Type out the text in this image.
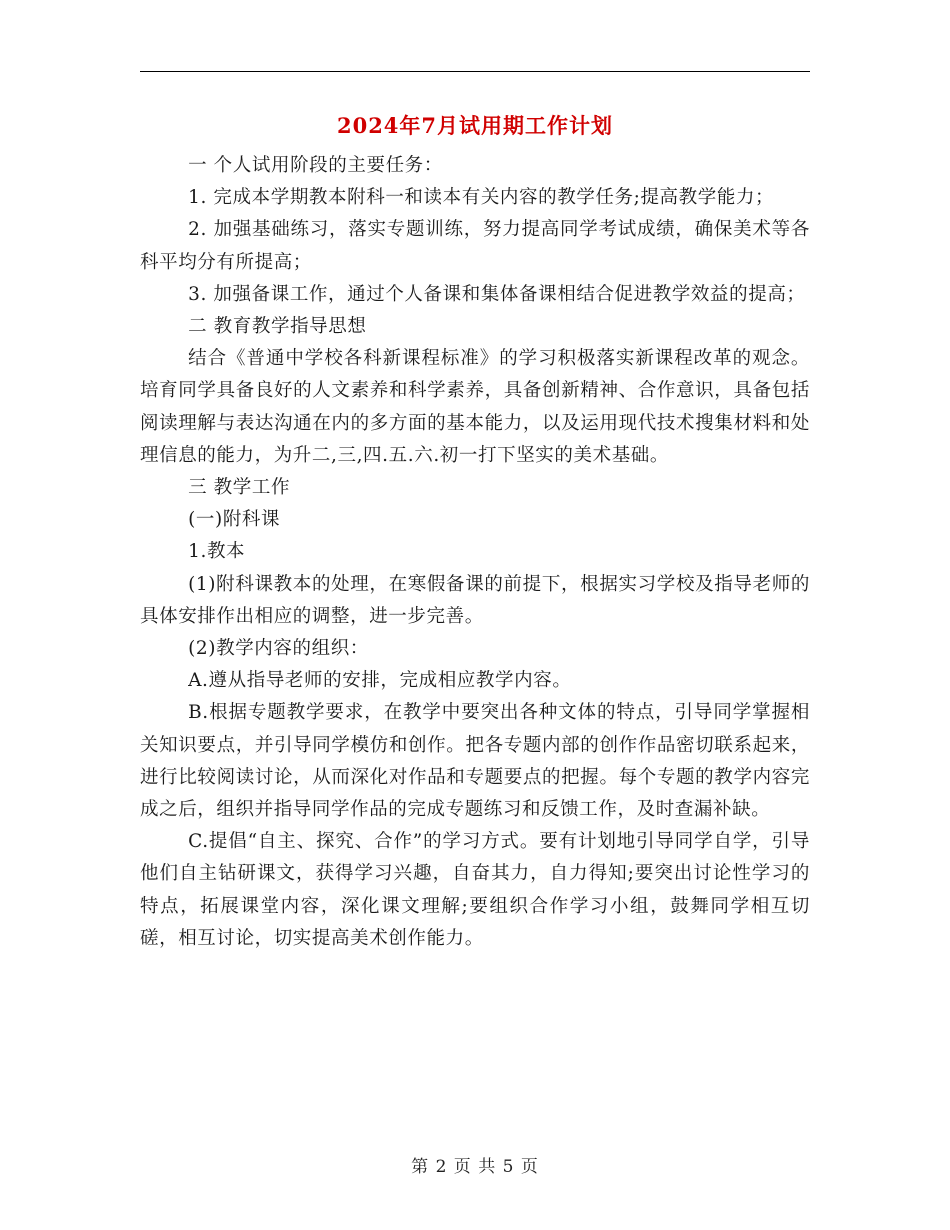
2024年7月试用期工作计划

一 个人试用阶段的主要任务：

1. 完成本学期教本附科一和读本有关内容的教学任务;提高教学能力；

2. 加强基础练习，落实专题训练，努力提高同学考试成绩，确保美术等各科平均分有所提高；

3. 加强备课工作，通过个人备课和集体备课相结合促进教学效益的提高；

二 教育教学指导思想

结合《普通中学校各科新课程标准》的学习积极落实新课程改革的观念。培育同学具备良好的人文素养和科学素养，具备创新精神、合作意识，具备包括阅读理解与表达沟通在内的多方面的基本能力，以及运用现代技术搜集材料和处理信息的能力，为升二,三,四.五.六.初一打下坚实的美术基础。

三 教学工作

(一)附科课

1.教本

(1)附科课教本的处理，在寒假备课的前提下，根据实习学校及指导老师的具体安排作出相应的调整，进一步完善。

(2)教学内容的组织：

A.遵从指导老师的安排，完成相应教学内容。

B.根据专题教学要求，在教学中要突出各种文体的特点，引导同学掌握相关知识要点，并引导同学模仿和创作。把各专题内部的创作作品密切联系起来，进行比较阅读讨论，从而深化对作品和专题要点的把握。每个专题的教学内容完成之后，组织并指导同学作品的完成专题练习和反馈工作，及时查漏补缺。

C.提倡“自主、探究、合作”的学习方式。要有计划地引导同学自学，引导他们自主钻研课文，获得学习兴趣，自奋其力，自力得知;要突出讨论性学习的特点，拓展课堂内容，深化课文理解;要组织合作学习小组，鼓舞同学相互切磋，相互讨论，切实提高美术创作能力。

第 2 页 共 5 页
